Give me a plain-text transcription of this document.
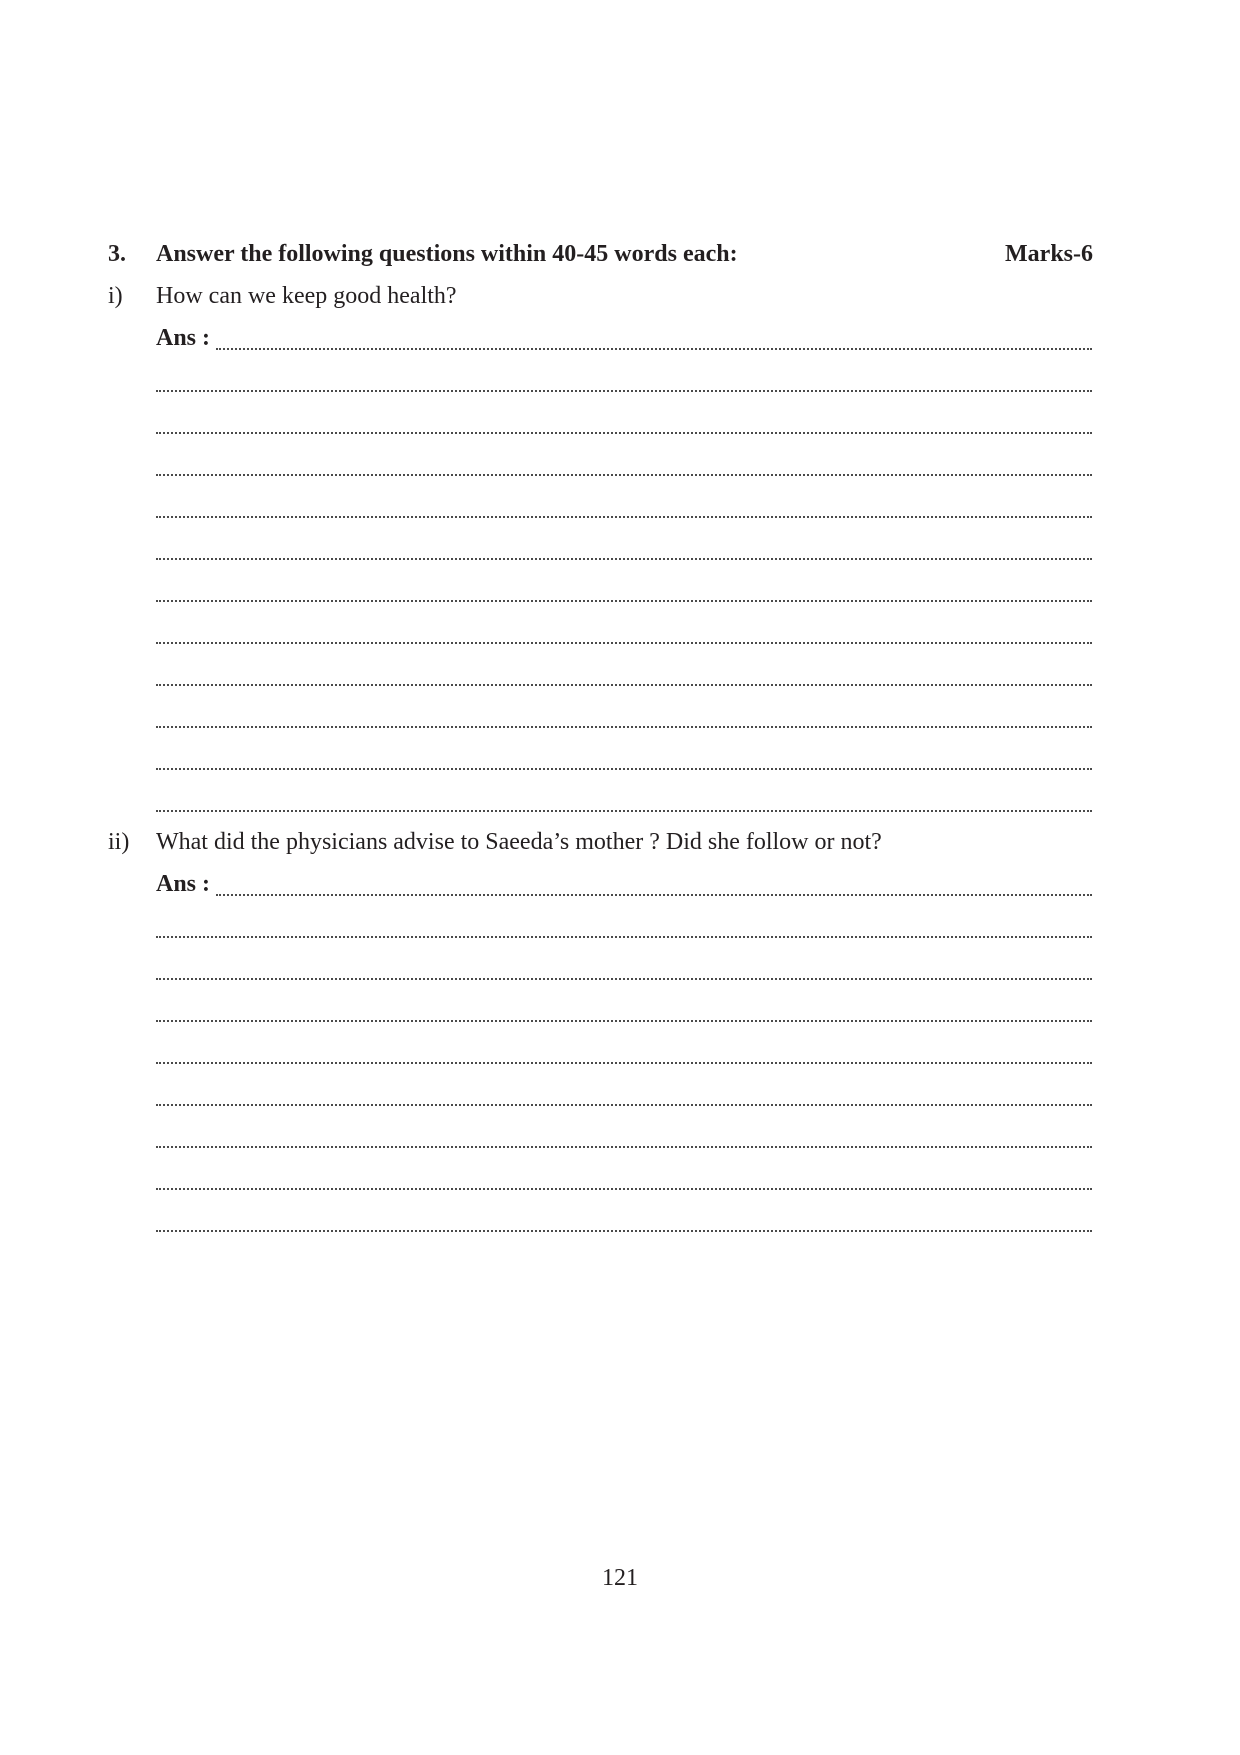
3. Answer the following questions within 40-45 words each:	Marks-6
i) How can we keep good health?
Ans :
ii) What did the physicians advise to Saeeda’s mother ? Did she follow or not?
Ans :
121
